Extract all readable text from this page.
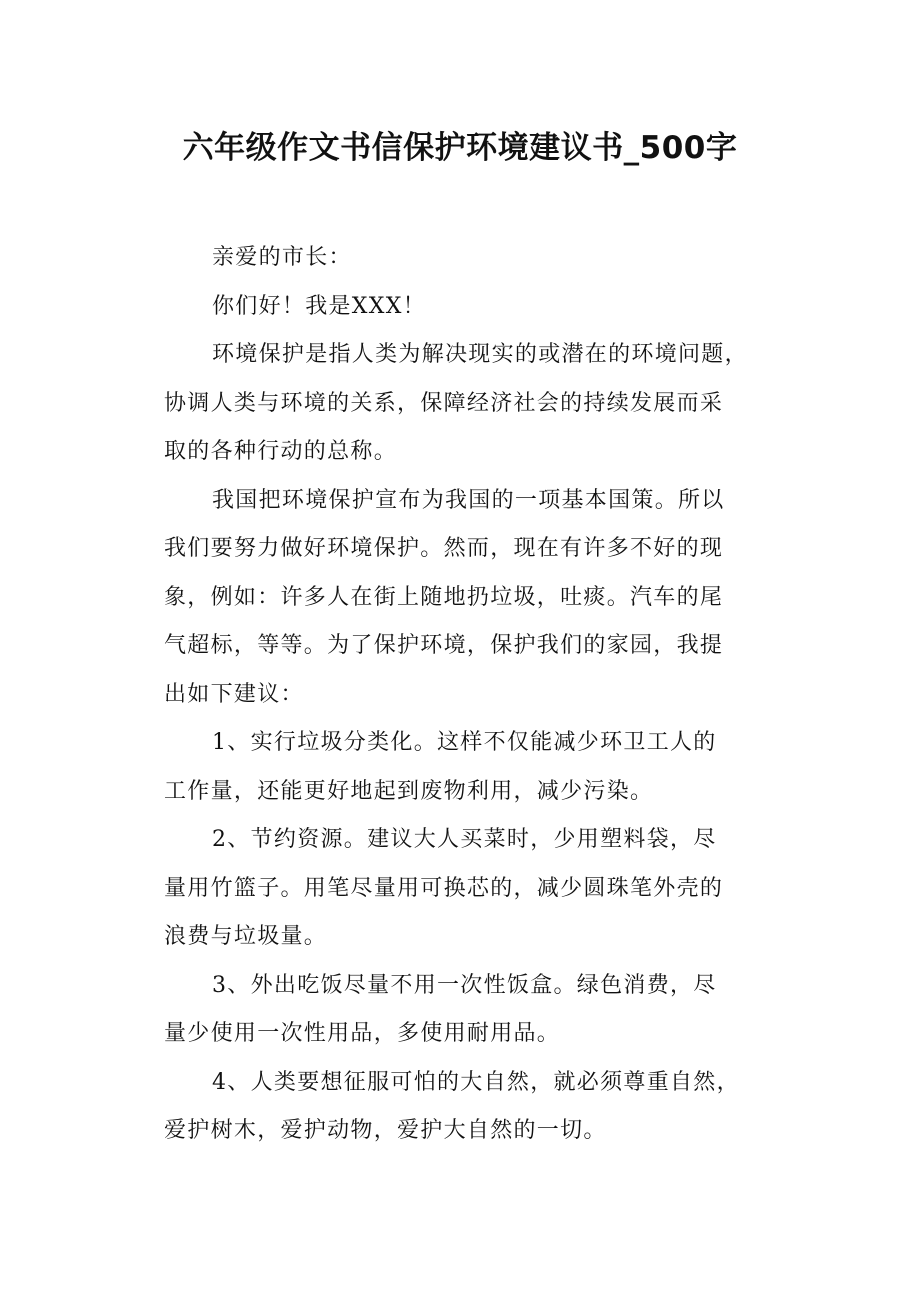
六年级作文书信保护环境建议书_500字

亲爱的市长：

你们好！我是XXX！

环境保护是指人类为解决现实的或潜在的环境问题，
协调人类与环境的关系，保障经济社会的持续发展而采
取的各种行动的总称。

我国把环境保护宣布为我国的一项基本国策。所以
我们要努力做好环境保护。然而，现在有许多不好的现
象，例如：许多人在街上随地扔垃圾，吐痰。汽车的尾
气超标，等等。为了保护环境，保护我们的家园，我提
出如下建议：

1、实行垃圾分类化。这样不仅能减少环卫工人的
工作量，还能更好地起到废物利用，减少污染。

2、节约资源。建议大人买菜时，少用塑料袋，尽
量用竹篮子。用笔尽量用可换芯的，减少圆珠笔外壳的
浪费与垃圾量。

3、外出吃饭尽量不用一次性饭盒。绿色消费，尽
量少使用一次性用品，多使用耐用品。

4、人类要想征服可怕的大自然，就必须尊重自然，
爱护树木，爱护动物，爱护大自然的一切。
